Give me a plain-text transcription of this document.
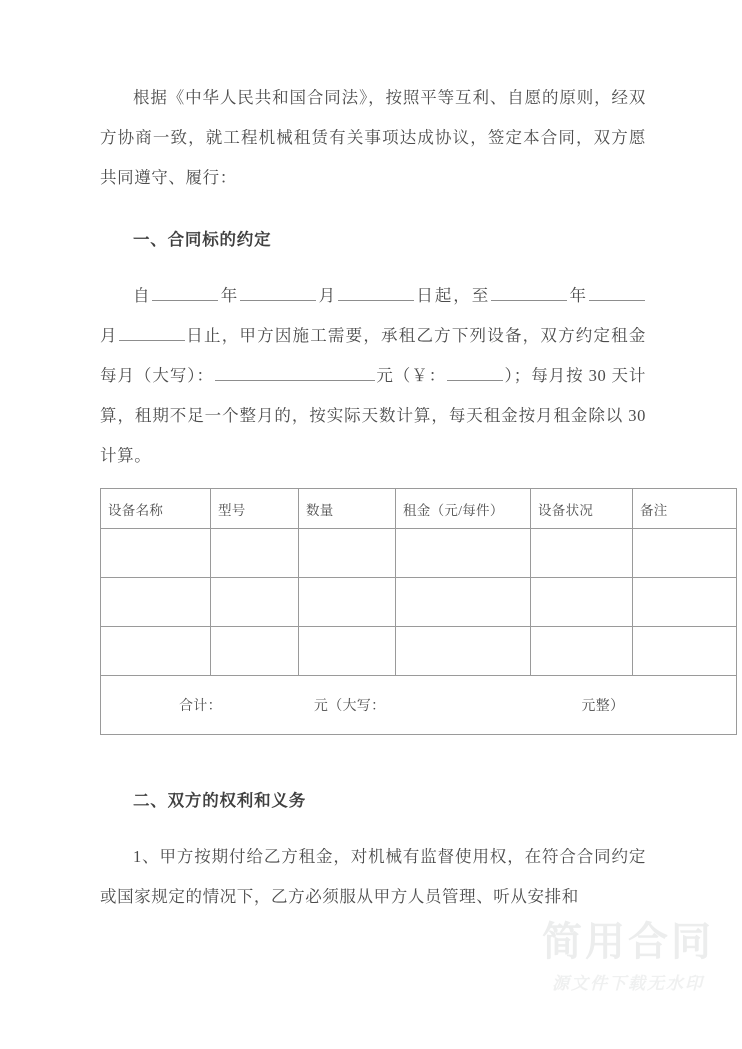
根据《中华人民共和国合同法》，按照平等互利、自愿的原则，经双方协商一致，就工程机械租赁有关事项达成协议，签定本合同，双方愿共同遵守、履行：

一、合同标的约定

自	年	月	日起，至	年月	日止，甲方因施工需要，承租乙方下列设备，双方约定租金每月（大写）：	元（￥：	）；每月按 30 天计算，租期不足一个整月的，按实际天数计算，每天租金按月租金除以 30 计算。

设备名称	型号	数量	租金（元/每件）	设备状况	备注

合计： 元（大写： 元整）					

二、双方的权利和义务

1、甲方按期付给乙方租金，对机械有监督使用权，在符合合同约定或国家规定的情况下，乙方必须服从甲方人员管理、听从安排和

简用合同
源文件下载无水印
